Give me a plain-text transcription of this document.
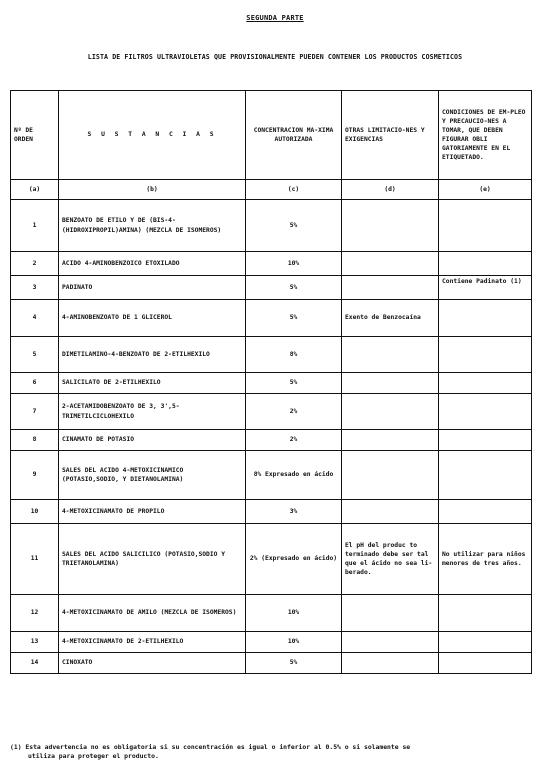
SEGUNDA PARTE
LISTA DE FILTROS ULTRAVIOLETAS QUE PROVISIONALMENTE PUEDEN CONTENER LOS PRODUCTOS COSMETICOS
Nº DE ORDEN	S U S T A N C I A S	CONCENTRACION MA-XIMA AUTORIZADA	OTRAS LIMITACIO-NES Y EXIGENCIAS	CONDICIONES DE EM-PLEO Y PRECAUCIO-NES A TOMAR, QUE DEBEN FIGURAR OBLI GATORIAMENTE EN EL ETIQUETADO.
(a)	(b)	(c)	(d)	(e)
1	BENZOATO DE ETILO Y DE (BIS-4-(HIDROXIPROPIL)AMINA) (MEZCLA DE ISOMEROS)	5%		
2	ACIDO 4-AMINOBENZOICO ETOXILADO	10%		
3	PADINATO	5%		Contiene Padinato (1)
4	4-AMINOBENZOATO DE 1 GLICEROL	5%	Exento de Benzocaína	
5	DIMETILAMINO-4-BENZOATO DE 2-ETILHEXILO	8%		
6	SALICILATO DE 2-ETILHEXILO	5%		
7	2-ACETAMIDOBENZOATO DE 3, 3',5-TRIMETILCICLOHEXILO	2%		
8	CINAMATO DE POTASIO	2%		
9	SALES DEL ACIDO 4-METOXICINAMICO (POTASIO,SODIO, Y DIETANOLAMINA)	8% Expresado en ácido		
10	4-METOXICINAMATO DE PROPILO	3%		
11	SALES DEL ACIDO SALICILICO (POTASIO,SODIO Y TRIETANOLAMINA)	2% (Expresado en ácido)	El pH del produc to terminado debe ser tal que el ácido no sea li-berado.	No utilizar para niños menores de tres años.
12	4-METOXICINAMATO DE AMILO (MEZCLA DE ISOMEROS)	10%		
13	4-METOXICINAMATO DE 2-ETILHEXILO	10%		
14	CINOXATO	5%		
(1) Esta advertencia no es obligatoria si su concentración es igual o inferior al 0.5% o si solamente se
utiliza para proteger el producto.
